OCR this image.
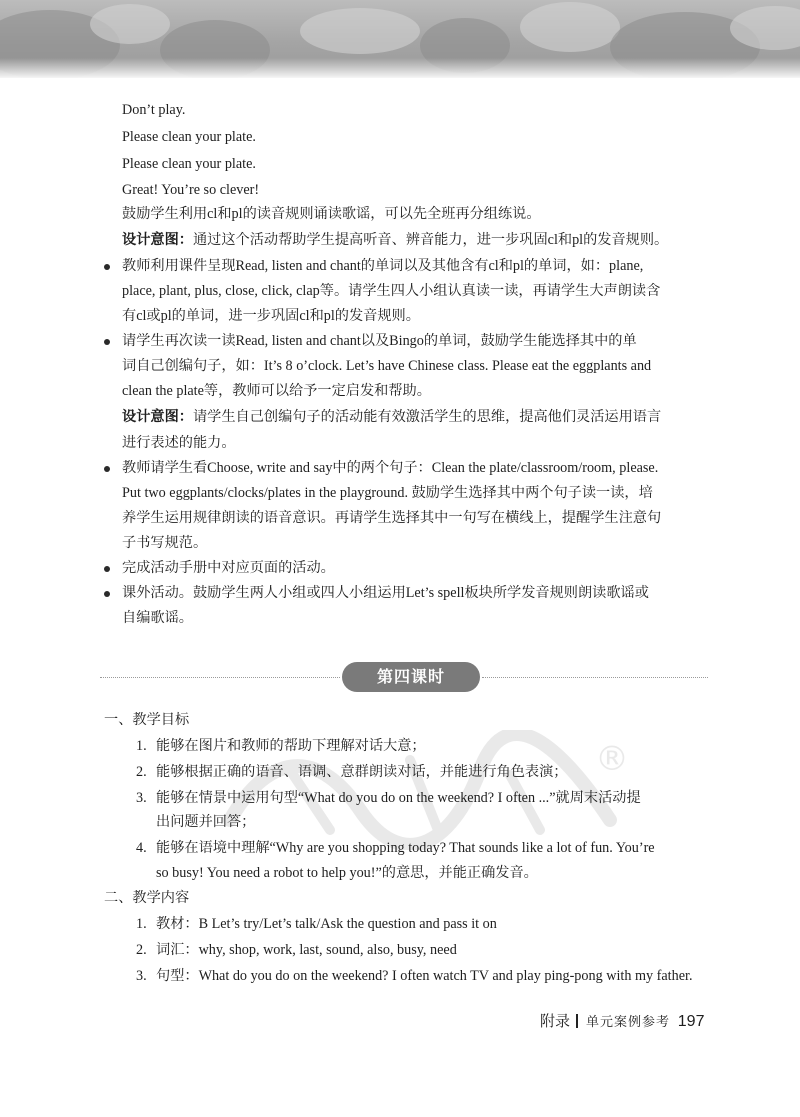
®
Don’t play.
Please clean your plate.
Please clean your plate.
Great! You’re so clever!
鼓励学生利用cl和pl的读音规则诵读歌谣，可以先全班再分组练说。
设计意图：通过这个活动帮助学生提高听音、辨音能力，进一步巩固cl和pl的发音规则。
教师利用课件呈现Read, listen and chant的单词以及其他含有cl和pl的单词，如：plane,
place, plant, plus, close, click, clap等。请学生四人小组认真读一读，再请学生大声朗读含
有cl或pl的单词，进一步巩固cl和pl的发音规则。
请学生再次读一读Read, listen and chant以及Bingo的单词，鼓励学生能选择其中的单
词自己创编句子，如：It’s 8 o’clock. Let’s have Chinese class. Please eat the eggplants and
clean the plate等，教师可以给予一定启发和帮助。
设计意图：请学生自己创编句子的活动能有效激活学生的思维，提高他们灵活运用语言
进行表述的能力。
教师请学生看Choose, write and say中的两个句子：Clean the plate/classroom/room, please.
Put two eggplants/clocks/plates in the playground. 鼓励学生选择其中两个句子读一读，培
养学生运用规律朗读的语音意识。再请学生选择其中一句写在横线上，提醒学生注意句
子书写规范。
完成活动手册中对应页面的活动。
课外活动。鼓励学生两人小组或四人小组运用Let’s spell板块所学发音规则朗读歌谣或
自编歌谣。
第四课时
一、教学目标
1. 能够在图片和教师的帮助下理解对话大意；
2. 能够根据正确的语音、语调、意群朗读对话，并能进行角色表演；
3. 能够在情景中运用句型“What do you do on the weekend? I often ...”就周末活动提
出问题并回答；
4. 能够在语境中理解“Why are you shopping today? That sounds like a lot of fun. You’re
so busy! You need a robot to help you!”的意思，并能正确发音。
二、教学内容
1. 教材：B Let’s try/Let’s talk/Ask the question and pass it on
2. 词汇：why, shop, work, last, sound, also, busy, need
3. 句型：What do you do on the weekend? I often watch TV and play ping-pong with my father.
附录 单元案例参考 197
